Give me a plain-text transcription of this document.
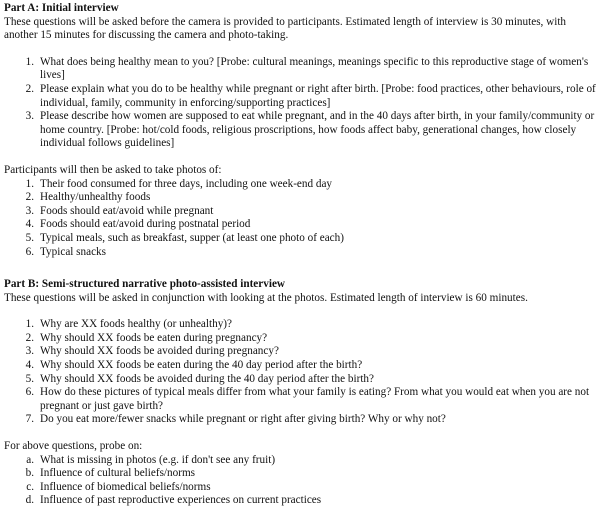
Part A: Initial interview

These questions will be asked before the camera is provided to participants. Estimated length of interview is 30 minutes, with another 15 minutes for discussing the camera and photo-taking.

1. What does being healthy mean to you? [Probe: cultural meanings, meanings specific to this reproductive stage of women's lives]
2. Please explain what you do to be healthy while pregnant or right after birth. [Probe: food practices, other behaviours, role of individual, family, community in enforcing/supporting practices]
3. Please describe how women are supposed to eat while pregnant, and in the 40 days after birth, in your family/community or home country. [Probe: hot/cold foods, religious proscriptions, how foods affect baby, generational changes, how closely individual follows guidelines]

Participants will then be asked to take photos of:

1. Their food consumed for three days, including one week-end day
2. Healthy/unhealthy foods
3. Foods should eat/avoid while pregnant
4. Foods should eat/avoid during postnatal period
5. Typical meals, such as breakfast, supper (at least one photo of each)
6. Typical snacks

Part B: Semi-structured narrative photo-assisted interview

These questions will be asked in conjunction with looking at the photos. Estimated length of interview is 60 minutes.

1. Why are XX foods healthy (or unhealthy)?
2. Why should XX foods be eaten during pregnancy?
3. Why should XX foods be avoided during pregnancy?
4. Why should XX foods be eaten during the 40 day period after the birth?
5. Why should XX foods be avoided during the 40 day period after the birth?
6. How do these pictures of typical meals differ from what your family is eating? From what you would eat when you are not pregnant or just gave birth?
7. Do you eat more/fewer snacks while pregnant or right after giving birth? Why or why not?

For above questions, probe on:

a. What is missing in photos (e.g. if don't see any fruit)
b. Influence of cultural beliefs/norms
c. Influence of biomedical beliefs/norms
d. Influence of past reproductive experiences on current practices
